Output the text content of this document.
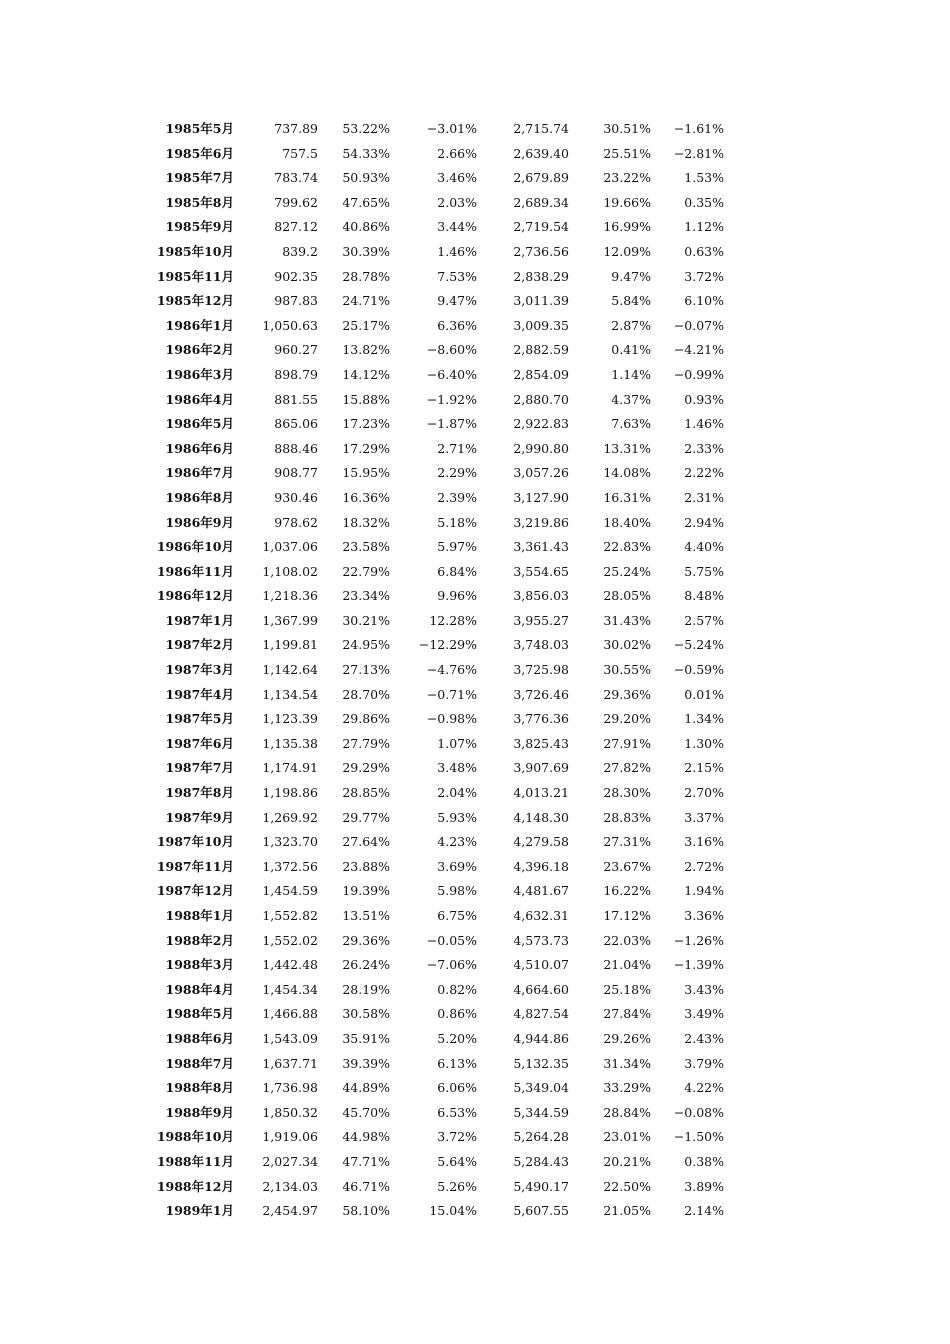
1985年5月	737.89 53.22%	−3.01%	2,715.74	30.51% −1.61%
1985年6月	757.5 54.33%	2.66%	2,639.40	25.51% −2.81%
1985年7月	783.74 50.93%	3.46%	2,679.89	23.22%	1.53%
1985年8月	799.62 47.65%	2.03%	2,689.34	19.66%	0.35%
1985年9月	827.12 40.86%	3.44%	2,719.54	16.99%	1.12%
1985年10月	839.2 30.39%	1.46%	2,736.56	12.09%	0.63%
1985年11月	902.35 28.78%	7.53%	2,838.29	9.47%	3.72%
1985年12月	987.83 24.71%	9.47%	3,011.39	5.84%	6.10%
1986年1月 1,050.63 25.17%	6.36%	3,009.35	2.87% −0.07%
1986年2月	960.27 13.82%	−8.60%	2,882.59	0.41% −4.21%
1986年3月	898.79 14.12%	−6.40%	2,854.09	1.14% −0.99%
1986年4月	881.55 15.88%	−1.92%	2,880.70	4.37%	0.93%
1986年5月	865.06 17.23%	−1.87%	2,922.83	7.63%	1.46%
1986年6月	888.46 17.29%	2.71%	2,990.80	13.31%	2.33%
1986年7月	908.77 15.95%	2.29%	3,057.26	14.08%	2.22%
1986年8月	930.46 16.36%	2.39%	3,127.90	16.31%	2.31%
1986年9月	978.62 18.32%	5.18%	3,219.86	18.40%	2.94%
1986年10月 1,037.06 23.58%	5.97%	3,361.43	22.83%	4.40%
1986年11月 1,108.02 22.79%	6.84%	3,554.65	25.24%	5.75%
1986年12月 1,218.36 23.34%	9.96%	3,856.03	28.05%	8.48%
1987年1月 1,367.99 30.21%	12.28%	3,955.27	31.43%	2.57%
1987年2月 1,199.81 24.95% −12.29%	3,748.03	30.02% −5.24%
1987年3月 1,142.64 27.13%	−4.76%	3,725.98	30.55% −0.59%
1987年4月 1,134.54 28.70%	−0.71%	3,726.46	29.36%	0.01%
1987年5月 1,123.39 29.86%	−0.98%	3,776.36	29.20%	1.34%
1987年6月 1,135.38 27.79%	1.07%	3,825.43	27.91%	1.30%
1987年7月 1,174.91 29.29%	3.48%	3,907.69	27.82%	2.15%
1987年8月 1,198.86 28.85%	2.04%	4,013.21	28.30%	2.70%
1987年9月 1,269.92 29.77%	5.93%	4,148.30	28.83%	3.37%
1987年10月 1,323.70 27.64%	4.23%	4,279.58	27.31%	3.16%
1987年11月 1,372.56 23.88%	3.69%	4,396.18	23.67%	2.72%
1987年12月 1,454.59 19.39%	5.98%	4,481.67	16.22%	1.94%
1988年1月 1,552.82 13.51%	6.75%	4,632.31	17.12%	3.36%
1988年2月 1,552.02 29.36%	−0.05%	4,573.73	22.03% −1.26%
1988年3月 1,442.48 26.24%	−7.06%	4,510.07	21.04% −1.39%
1988年4月 1,454.34 28.19%	0.82%	4,664.60	25.18%	3.43%
1988年5月 1,466.88 30.58%	0.86%	4,827.54	27.84%	3.49%
1988年6月 1,543.09 35.91%	5.20%	4,944.86	29.26%	2.43%
1988年7月 1,637.71 39.39%	6.13%	5,132.35	31.34%	3.79%
1988年8月 1,736.98 44.89%	6.06%	5,349.04	33.29%	4.22%
1988年9月 1,850.32 45.70%	6.53%	5,344.59	28.84% −0.08%
1988年10月 1,919.06 44.98%	3.72%	5,264.28	23.01% −1.50%
1988年11月 2,027.34 47.71%	5.64%	5,284.43	20.21%	0.38%
1988年12月 2,134.03 46.71%	5.26%	5,490.17	22.50%	3.89%
1989年1月 2,454.97 58.10%	15.04%	5,607.55	21.05%	2.14%
